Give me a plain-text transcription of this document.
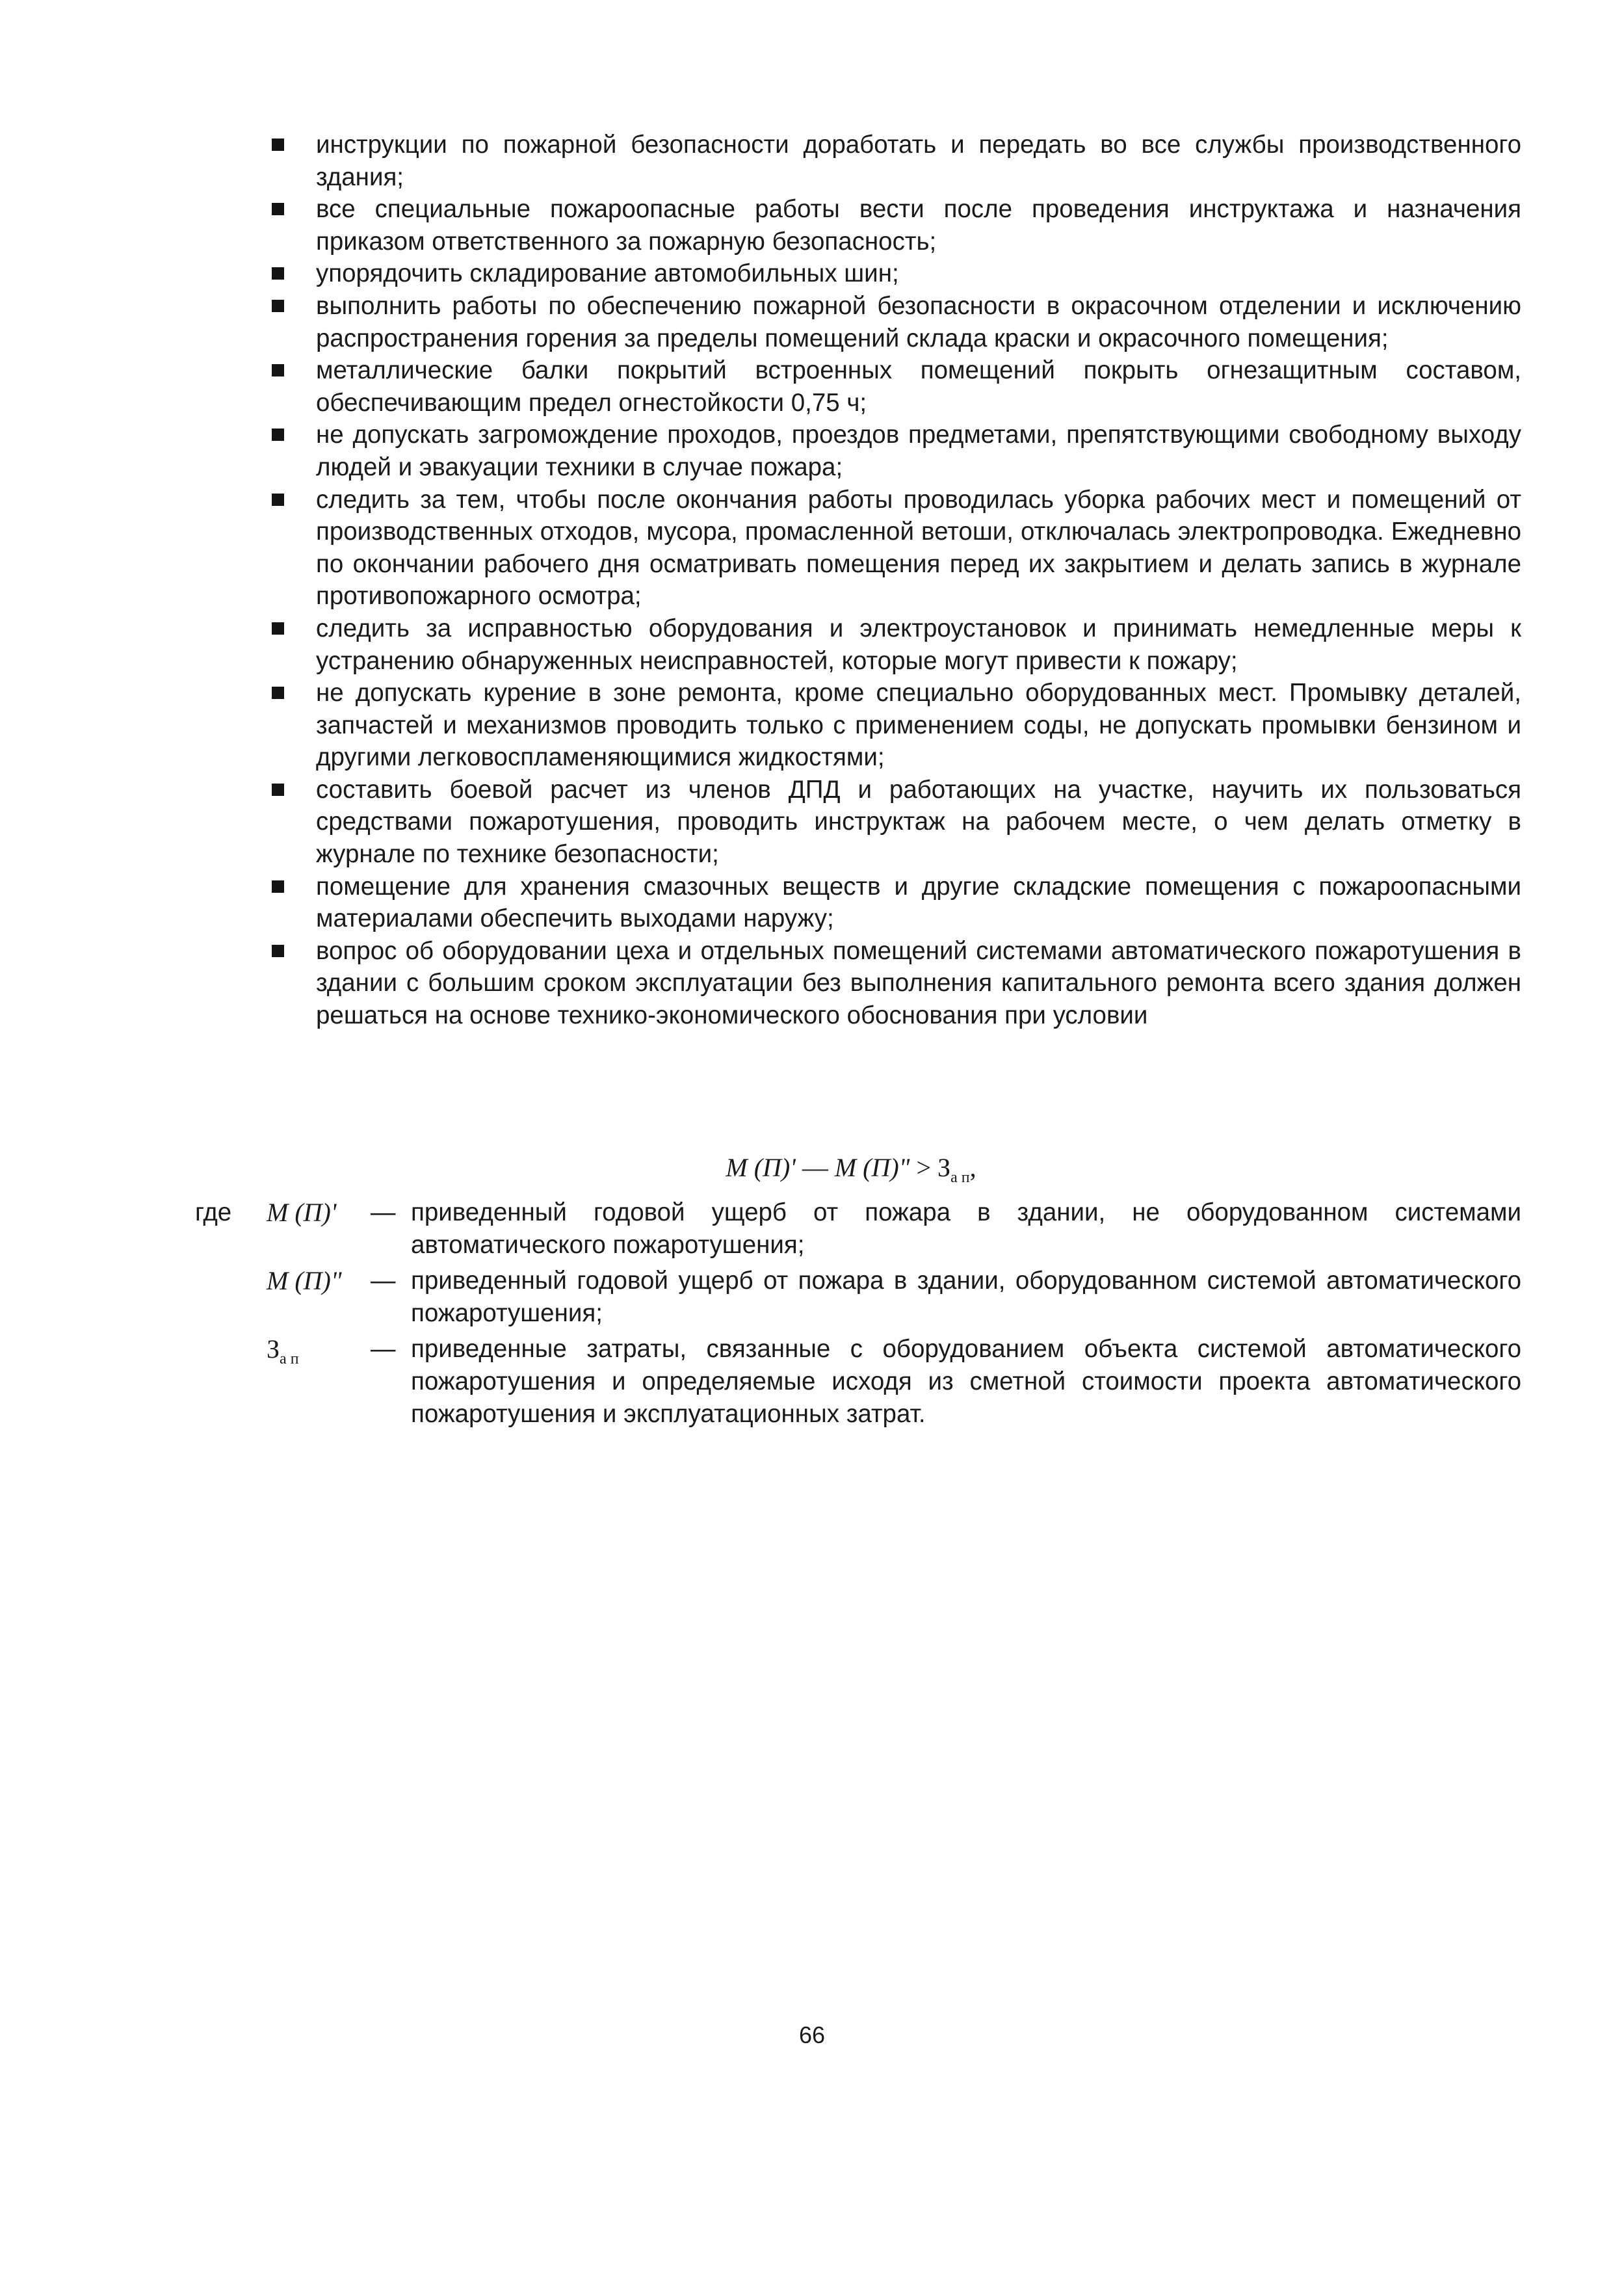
инструкции по пожарной безопасности доработать и передать во все службы производственного здания;
все специальные пожароопасные работы вести после проведения инструктажа и назначения приказом ответственного за пожарную безопасность;
упорядочить складирование автомобильных шин;
выполнить работы по обеспечению пожарной безопасности в окрасочном отделении и исключению распространения горения за пределы помещений склада краски и окрасочного помещения;
металлические балки покрытий встроенных помещений покрыть огнезащитным составом, обеспечивающим предел огнестойкости 0,75 ч;
не допускать загромождение проходов, проездов предметами, препятствующими свободному выходу людей и эвакуации техники в случае пожара;
следить за тем, чтобы после окончания работы проводилась уборка рабочих мест и помещений от производственных отходов, мусора, промасленной ветоши, отключалась электропроводка. Ежедневно по окончании рабочего дня осматривать помещения перед их закрытием и делать запись в журнале противопожарного осмотра;
следить за исправностью оборудования и электроустановок и принимать немедленные меры к устранению обнаруженных неисправностей, которые могут привести к пожару;
не допускать курение в зоне ремонта, кроме специально оборудованных мест. Промывку деталей, запчастей и механизмов проводить только с применением соды, не допускать промывки бензином и другими легковоспламеняющимися жидкостями;
составить боевой расчет из членов ДПД и работающих на участке, научить их пользоваться средствами пожаротушения, проводить инструктаж на рабочем месте, о чем делать отметку в журнале по технике безопасности;
помещение для хранения смазочных веществ и другие складские помещения с пожароопасными материалами обеспечить выходами наружу;
вопрос об оборудовании цеха и отдельных помещений системами автоматического пожаротушения в здании с большим сроком эксплуатации без выполнения капитального ремонта всего здания должен решаться на основе технико-экономического обоснования при условии
М (П)' — М (П)" > $З_{а п}$,
где	М (П)'	— приведенный годовой ущерб от пожара в здании, не оборудованном системами автоматического пожаротушения;
М (П)"	— приведенный годовой ущерб от пожара в здании, оборудованном системой автоматического пожаротушения;
$З_{а п}$	— приведенные затраты, связанные с оборудованием объекта системой автоматического пожаротушения и определяемые исходя из сметной стоимости проекта автоматического пожаротушения и эксплуатационных затрат.
66
